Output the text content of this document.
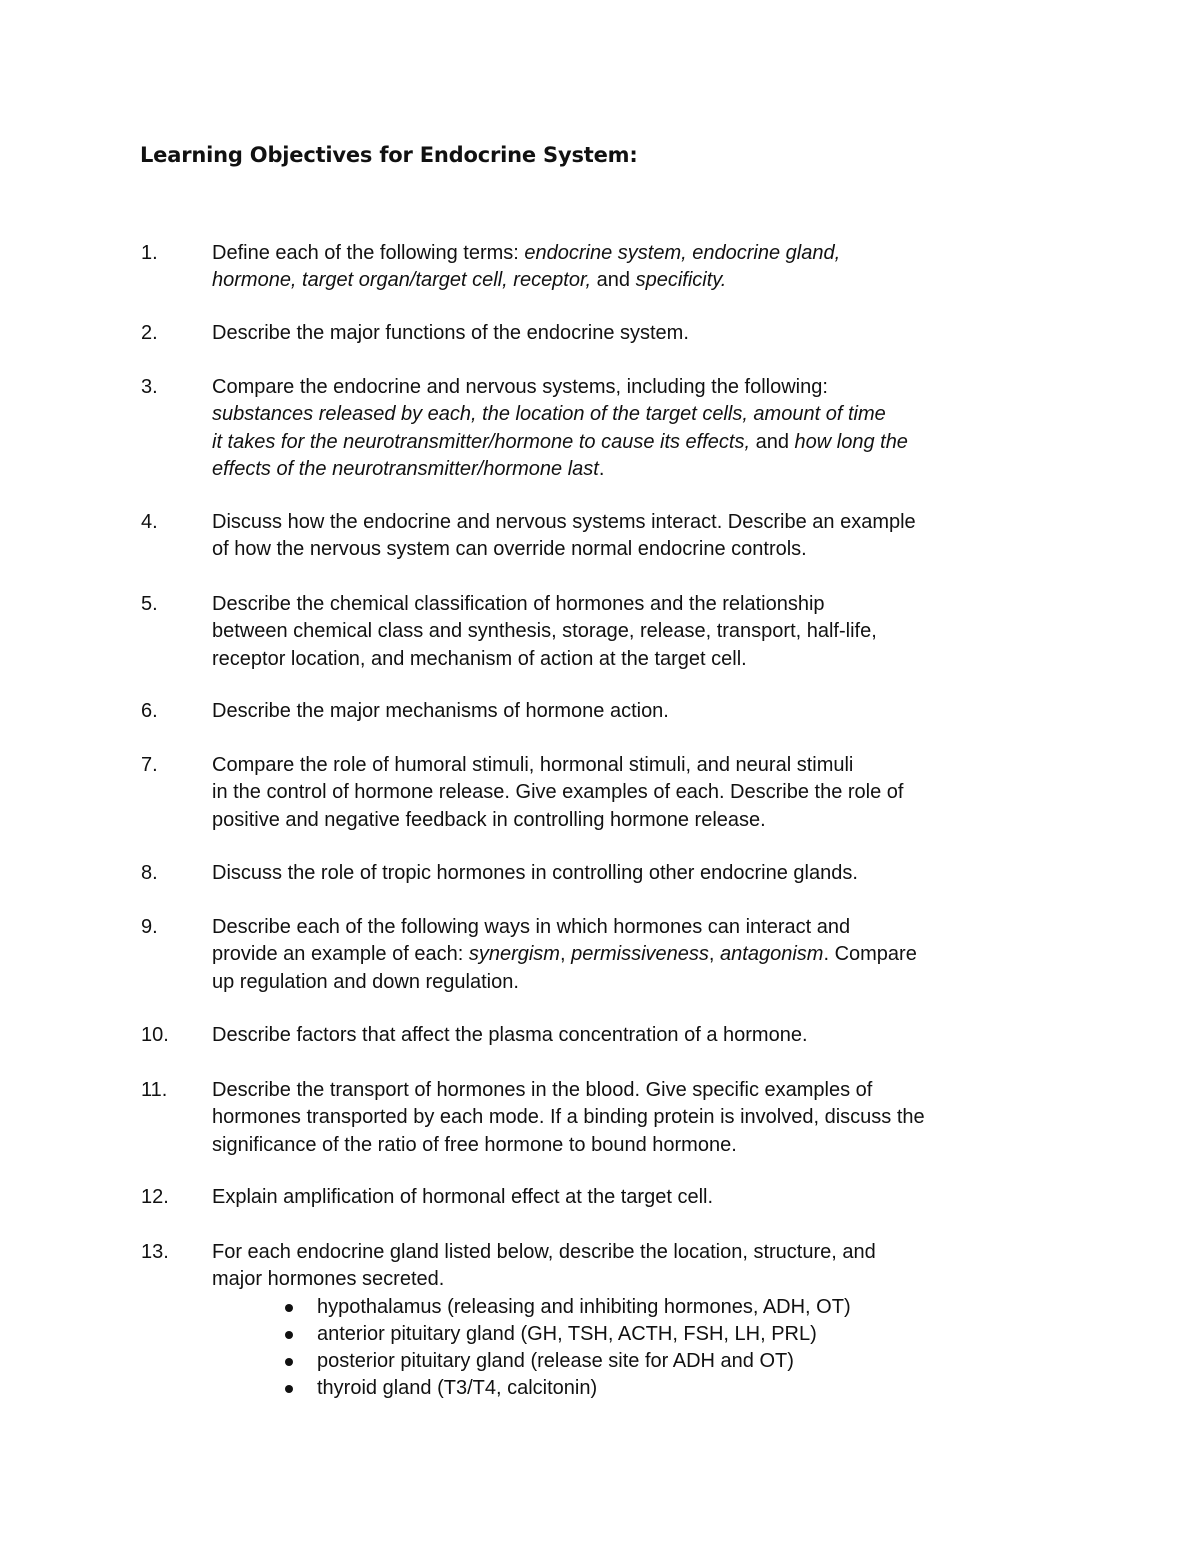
Learning Objectives for Endocrine System:
1.	Define each of the following terms: endocrine system, endocrine gland,
hormone, target organ/target cell, receptor, and specificity.
2.	Describe the major functions of the endocrine system.
3.	Compare the endocrine and nervous systems, including the following:
substances released by each, the location of the target cells, amount of time
it takes for the neurotransmitter/hormone to cause its effects, and how long the
effects of the neurotransmitter/hormone last.
4.	Discuss how the endocrine and nervous systems interact. Describe an example
of how the nervous system can override normal endocrine controls.
5.	Describe the chemical classification of hormones and the relationship
between chemical class and synthesis, storage, release, transport, half-life,
receptor location, and mechanism of action at the target cell.
6.	Describe the major mechanisms of hormone action.
7.	Compare the role of humoral stimuli, hormonal stimuli, and neural stimuli
in the control of hormone release. Give examples of each. Describe the role of
positive and negative feedback in controlling hormone release.
8.	Discuss the role of tropic hormones in controlling other endocrine glands.
9.	Describe each of the following ways in which hormones can interact and
provide an example of each: synergism, permissiveness, antagonism. Compare
up regulation and down regulation.
10. Describe factors that affect the plasma concentration of a hormone.
11. Describe the transport of hormones in the blood. Give specific examples of
hormones transported by each mode. If a binding protein is involved, discuss the
significance of the ratio of free hormone to bound hormone.
12. Explain amplification of hormonal effect at the target cell.
13. For each endocrine gland listed below, describe the location, structure, and
major hormones secreted.
hypothalamus (releasing and inhibiting hormones, ADH, OT)
anterior pituitary gland (GH, TSH, ACTH, FSH, LH, PRL)
posterior pituitary gland (release site for ADH and OT)
thyroid gland (T3/T4, calcitonin)
